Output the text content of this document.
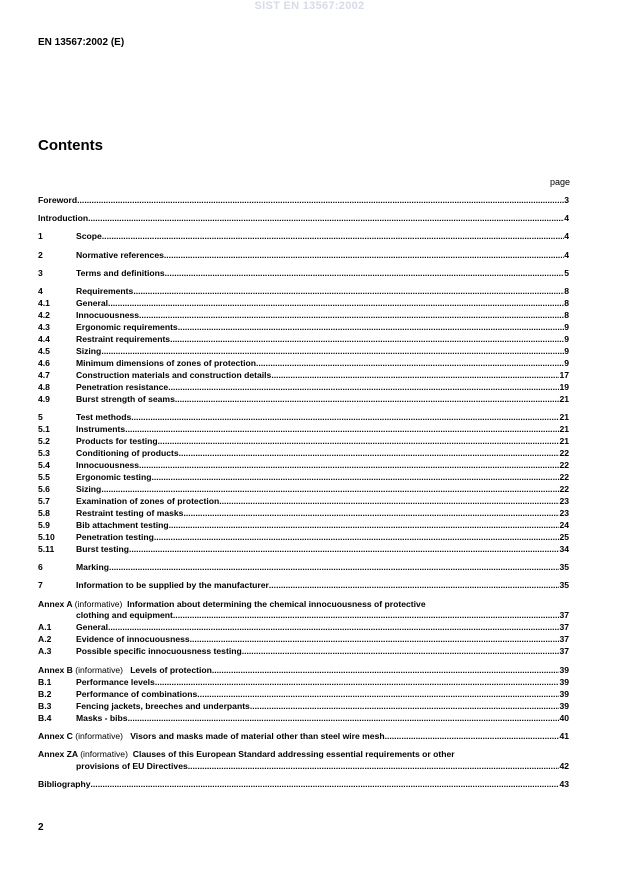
SIST EN 13567:2002
EN 13567:2002 (E)
Contents
page
Foreword .....	3
Introduction .....	4
1	Scope .....	4
2	Normative references .....	4
3	Terms and definitions .....	5
4	Requirements .....	8
4.1	General .....	8
4.2	Innocuousness .....	8
4.3	Ergonomic requirements .....	9
4.4	Restraint requirements .....	9
4.5	Sizing .....	9
4.6	Minimum dimensions of zones of protection .....	9
4.7	Construction materials and construction details .....	17
4.8	Penetration resistance .....	19
4.9	Burst strength of seams .....	21
5	Test methods .....	21
5.1	Instruments .....	21
5.2	Products for testing .....	21
5.3	Conditioning of products .....	22
5.4	Innocuousness .....	22
5.5	Ergonomic testing .....	22
5.6	Sizing .....	22
5.7	Examination of zones of protection .....	23
5.8	Restraint testing of masks .....	23
5.9	Bib attachment testing .....	24
5.10	Penetration testing .....	25
5.11	Burst testing .....	34
6	Marking .....	35
7	Information to be supplied by the manufacturer .....	35
Annex A (informative) Information about determining the chemical innocuousness of protective
clothing and equipment .....	37
A.1	General .....	37
A.2	Evidence of innocuousness .....	37
A.3	Possible specific innocuousness testing .....	37
Annex B (informative) Levels of protection .....	39
B.1	Performance levels .....	39
B.2	Performance of combinations .....	39
B.3	Fencing jackets, breeches and underpants .....	39
B.4	Masks - bibs .....	40
Annex C (informative) Visors and masks made of material other than steel wire mesh .....	41
Annex ZA (informative) Clauses of this European Standard addressing essential requirements or other
provisions of EU Directives .....	42
Bibliography .....	43
2
